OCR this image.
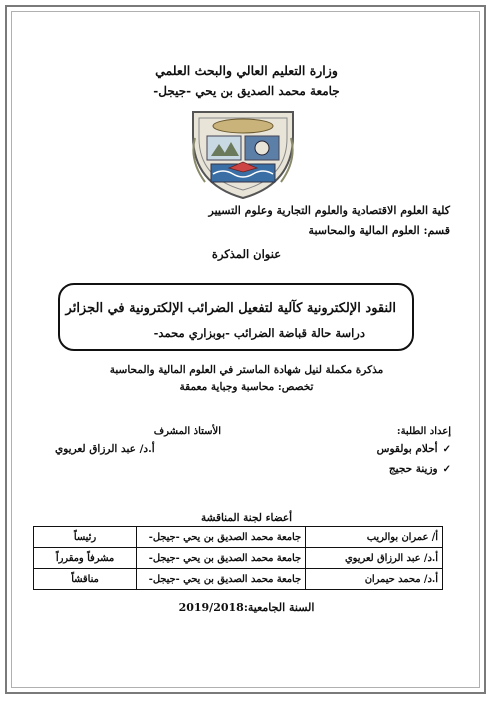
وزارة التعليم العالي والبحث العلمي
جامعة محمد الصديق بن يحي -جيجل-
كلية العلوم الاقتصادية والعلوم التجارية وعلوم التسيير
قسم: العلوم المالية والمحاسبة
عنوان المذكرة
النقود الإلكترونية كآلية لتفعيل الضرائب الإلكترونية في الجزائر
دراسة حالة قباضة الضرائب -بوبزاري محمد-
مذكرة مكملة لنيل شهادة الماستر في العلوم المالية والمحاسبة
تخصص: محاسبة وجباية معمقة
إعداد الطلبة:
الأستاذ المشرف
✓أحلام بولقوس
✓وزينة حجيج
أ.د/ عبد الرزاق لعريوي
أعضاء لجنة المناقشة
أ/ عمران بوالريب	جامعة محمد الصديق بن يحي -جيجل-	رئيساً
أ.د/ عبد الرزاق لعريوي	جامعة محمد الصديق بن يحي -جيجل-	مشرفاً ومقرراً
أ.د/ محمد حيمران	جامعة محمد الصديق بن يحي -جيجل-	مناقشاً
السنة الجامعية:2019/2018
